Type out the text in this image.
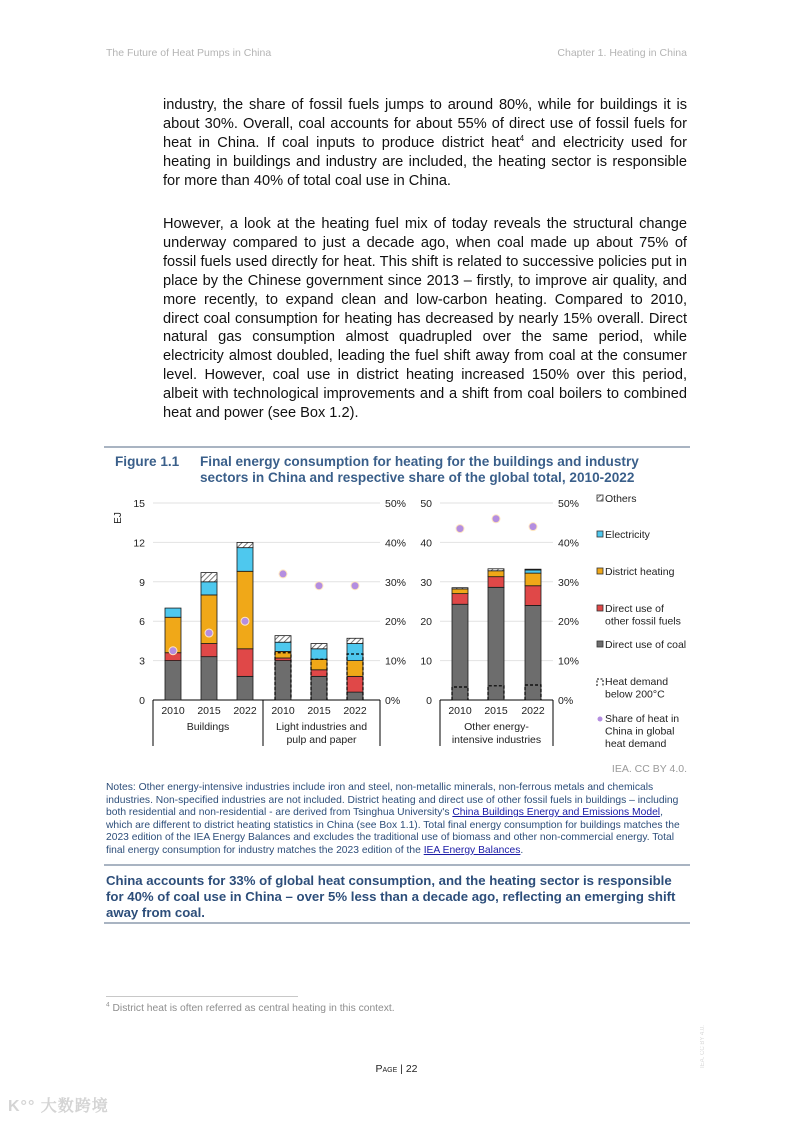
The Future of Heat Pumps in China	Chapter 1. Heating in China

industry, the share of fossil fuels jumps to around 80%, while for buildings it is about 30%. Overall, coal accounts for about 55% of direct use of fossil fuels for heat in China. If coal inputs to produce district heat$^4$ and electricity used for heating in buildings and industry are included, the heating sector is responsible for more than 40% of total coal use in China.

However, a look at the heating fuel mix of today reveals the structural change underway compared to just a decade ago, when coal made up about 75% of fossil fuels used directly for heat. This shift is related to successive policies put in place by the Chinese government since 2013 – firstly, to improve air quality, and more recently, to expand clean and low-carbon heating. Compared to 2010, direct coal consumption for heating has decreased by nearly 15% overall. Direct natural gas consumption almost quadrupled over the same period, while electricity almost doubled, leading the fuel shift away from coal at the consumer level. However, coal use in district heating increased 150% over this period, albeit with technological improvements and a shift from coal boilers to combined heat and power (see Box 1.2).

Figure 1.1 Final energy consumption for heating for the buildings and industry sectors in China and respective share of the global total, 2010-2022
0	0%
3	10%
6	20%
9	30%
12	40%
15	50%
2010 2015 2022
Buildings
2010 2015 2022
Light industries and
pulp and paper
0	0%
10	10%
20	20%
30	30%
40	40%
50	50%
2010 2015 2022
Other energy-
intensive industries
EJ
Others
Electricity
District heating
Direct use of other fossil fuels
Direct use of coal
Heat demand below 200°C
Share of heat in China in global heat demand
IEA. CC BY 4.0.
Notes: Other energy-intensive industries include iron and steel, non-metallic minerals, non-ferrous metals and chemicals industries. Non-specified industries are not included. District heating and direct use of other fossil fuels in buildings – including both residential and non-residential - are derived from Tsinghua University's China Buildings Energy and Emissions Model, which are different to district heating statistics in China (see Box 1.1). Total final energy consumption for buildings matches the 2023 edition of the IEA Energy Balances and excludes the traditional use of biomass and other non-commercial energy. Total final energy consumption for industry matches the 2023 edition of the IEA Energy Balances.
China accounts for 33% of global heat consumption, and the heating sector is responsible for 40% of coal use in China – over 5% less than a decade ago, reflecting an emerging shift away from coal.
$^4$ District heat is often referred as central heating in this context.
Page | 22
IEA. CC BY 4.0.
K°° 大数跨境
